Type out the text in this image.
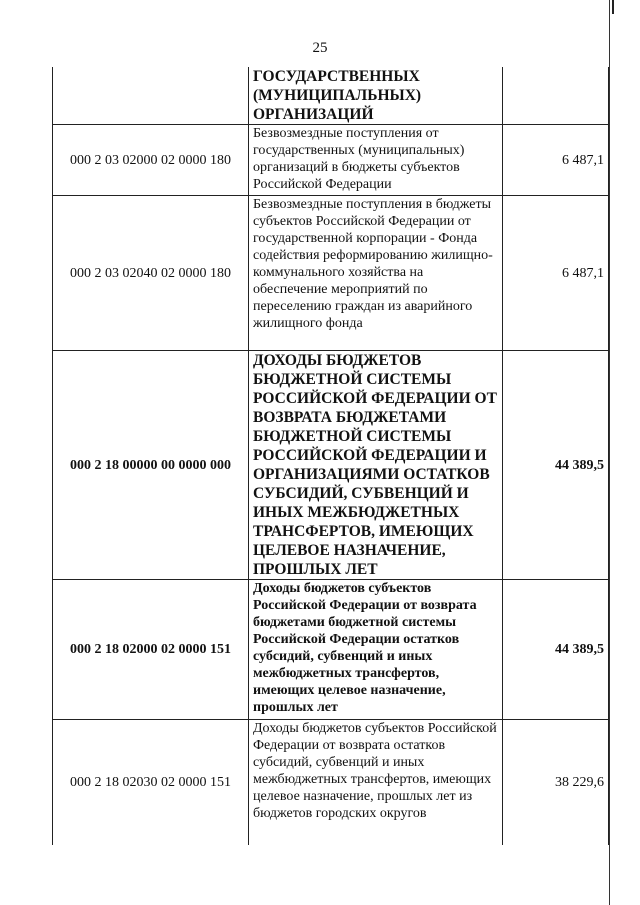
25
	ГОСУДАРСТВЕННЫХ (МУНИЦИПАЛЬНЫХ) ОРГАНИЗАЦИЙ	
000 2 03 02000 02 0000 180	Безвозмездные поступления от государственных (муниципальных) организаций в бюджеты субъектов Российской Федерации	6 487,1
000 2 03 02040 02 0000 180	Безвозмездные поступления в бюджеты субъектов Российской Федерации от государственной корпорации - Фонда содействия реформированию жилищно-коммунального хозяйства на обеспечение мероприятий по переселению граждан из аварийного жилищного фонда	6 487,1
000 2 18 00000 00 0000 000	ДОХОДЫ БЮДЖЕТОВ БЮДЖЕТНОЙ СИСТЕМЫ РОССИЙСКОЙ ФЕДЕРАЦИИ ОТ ВОЗВРАТА БЮДЖЕТАМИ БЮДЖЕТНОЙ СИСТЕМЫ РОССИЙСКОЙ ФЕДЕРАЦИИ И ОРГАНИЗАЦИЯМИ ОСТАТКОВ СУБСИДИЙ, СУБВЕНЦИЙ И ИНЫХ МЕЖБЮДЖЕТНЫХ ТРАНСФЕРТОВ, ИМЕЮЩИХ ЦЕЛЕВОЕ НАЗНАЧЕНИЕ, ПРОШЛЫХ ЛЕТ	44 389,5
000 2 18 02000 02 0000 151	Доходы бюджетов субъектов Российской Федерации от возврата бюджетами бюджетной системы Российской Федерации остатков субсидий, субвенций и иных межбюджетных трансфертов, имеющих целевое назначение, прошлых лет	44 389,5
000 2 18 02030 02 0000 151	Доходы бюджетов субъектов Российской Федерации от возврата остатков субсидий, субвенций и иных межбюджетных трансфертов, имеющих целевое назначение, прошлых лет из бюджетов городских округов	38 229,6
